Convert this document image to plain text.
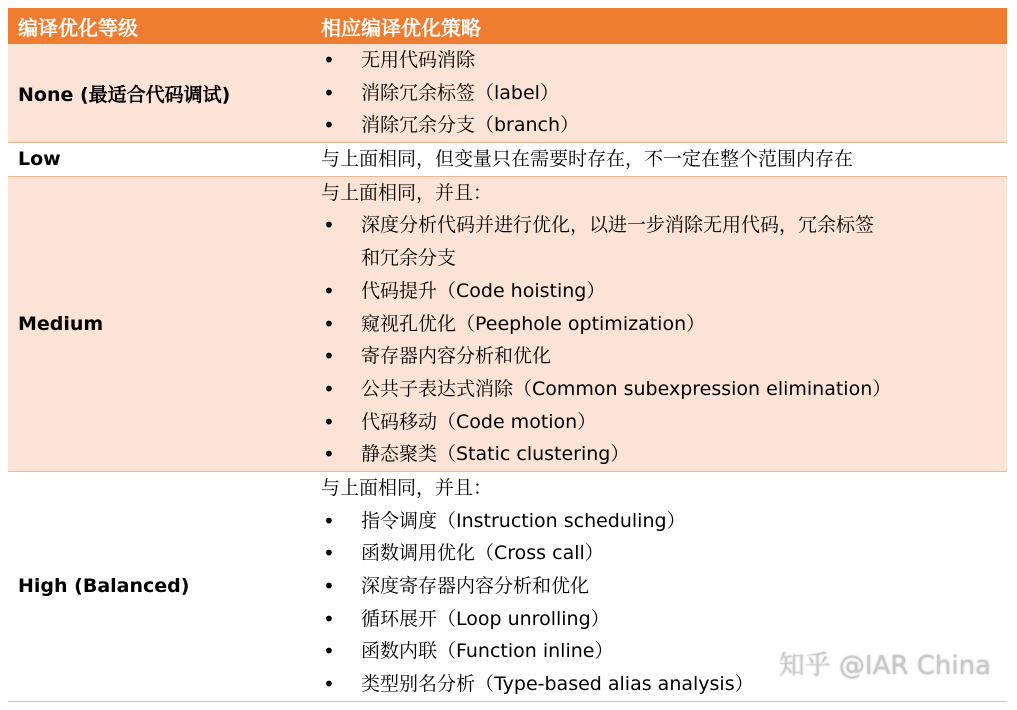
编译优化等级	相应编译优化策略
None (最适合代码调试)
• 无用代码消除
• 消除冗余标签（label）
• 消除冗余分支（branch）
Low	与上面相同，但变量只在需要时存在，不一定在整个范围内存在
Medium
与上面相同，并且：
• 深度分析代码并进行优化，以进一步消除无用代码，冗余标签
和冗余分支
• 代码提升（Code hoisting）
• 窥视孔优化（Peephole optimization）
• 寄存器内容分析和优化
• 公共子表达式消除（Common subexpression elimination）
• 代码移动（Code motion）
• 静态聚类（Static clustering）
High (Balanced)
与上面相同，并且：
• 指令调度（Instruction scheduling）
• 函数调用优化（Cross call）
• 深度寄存器内容分析和优化
• 循环展开（Loop unrolling）
• 函数内联（Function inline）
• 类型别名分析（Type-based alias analysis）
知乎 @IAR China
